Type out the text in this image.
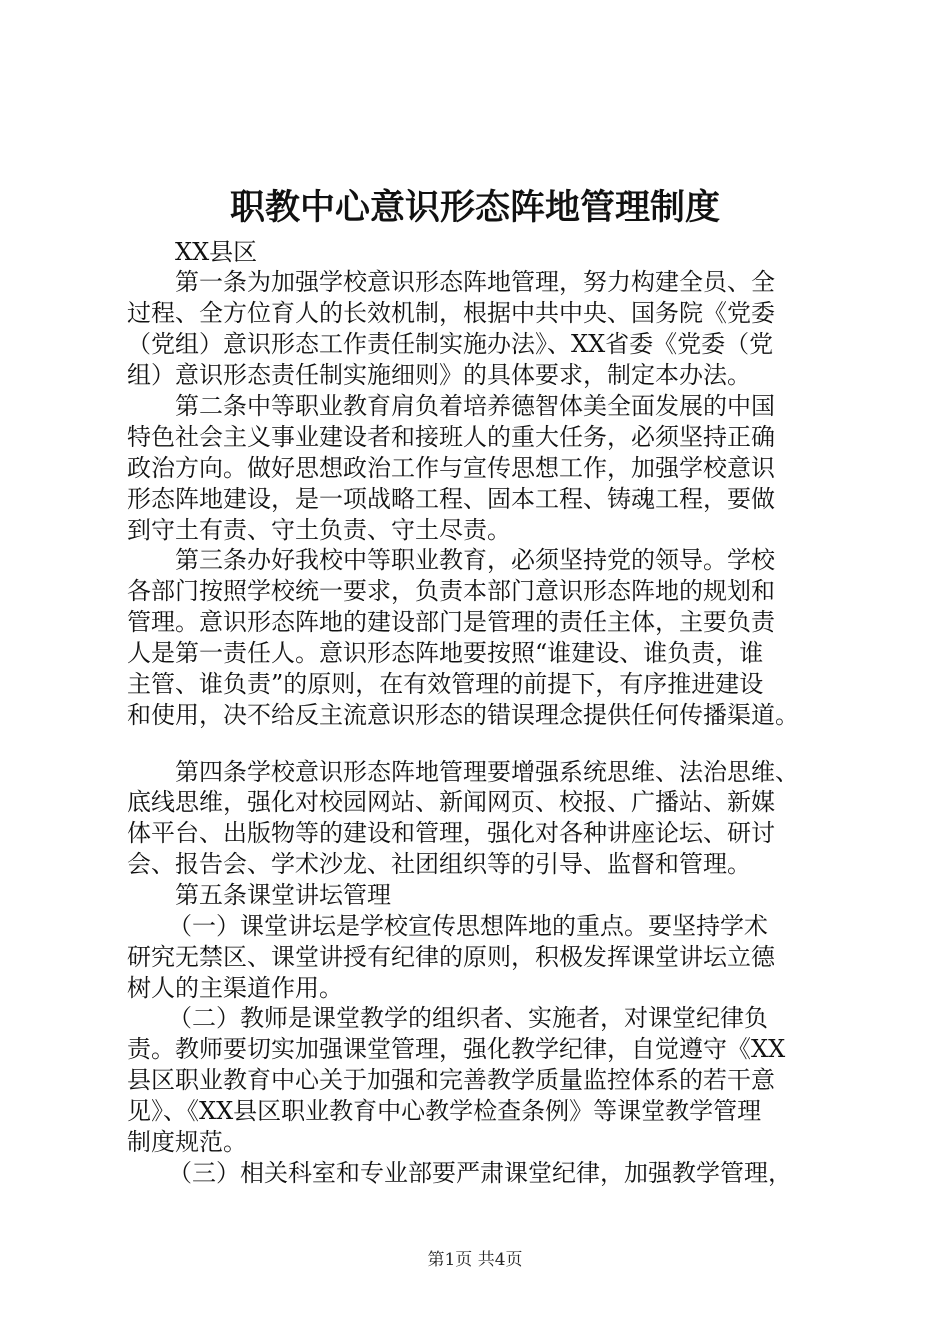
职教中心意识形态阵地管理制度
XX县区
第一条为加强学校意识形态阵地管理，努力构建全员、全
过程、全方位育人的长效机制，根据中共中央、国务院《党委
（党组）意识形态工作责任制实施办法》、XX省委《党委（党
组）意识形态责任制实施细则》的具体要求，制定本办法。
第二条中等职业教育肩负着培养德智体美全面发展的中国
特色社会主义事业建设者和接班人的重大任务，必须坚持正确
政治方向。做好思想政治工作与宣传思想工作，加强学校意识
形态阵地建设，是一项战略工程、固本工程、铸魂工程，要做
到守土有责、守土负责、守土尽责。
第三条办好我校中等职业教育，必须坚持党的领导。学校
各部门按照学校统一要求，负责本部门意识形态阵地的规划和
管理。意识形态阵地的建设部门是管理的责任主体，主要负责
人是第一责任人。意识形态阵地要按照“谁建设、谁负责，谁
主管、谁负责”的原则，在有效管理的前提下，有序推进建设
和使用，决不给反主流意识形态的错误理念提供任何传播渠道。
第四条学校意识形态阵地管理要增强系统思维、法治思维、
底线思维，强化对校园网站、新闻网页、校报、广播站、新媒
体平台、出版物等的建设和管理，强化对各种讲座论坛、研讨
会、报告会、学术沙龙、社团组织等的引导、监督和管理。
第五条课堂讲坛管理
（一）课堂讲坛是学校宣传思想阵地的重点。要坚持学术
研究无禁区、课堂讲授有纪律的原则，积极发挥课堂讲坛立德
树人的主渠道作用。
（二）教师是课堂教学的组织者、实施者，对课堂纪律负
责。教师要切实加强课堂管理，强化教学纪律，自觉遵守《XX
县区职业教育中心关于加强和完善教学质量监控体系的若干意
见》、《XX县区职业教育中心教学检查条例》等课堂教学管理
制度规范。
（三）相关科室和专业部要严肃课堂纪律，加强教学管理，
第1页 共4页
